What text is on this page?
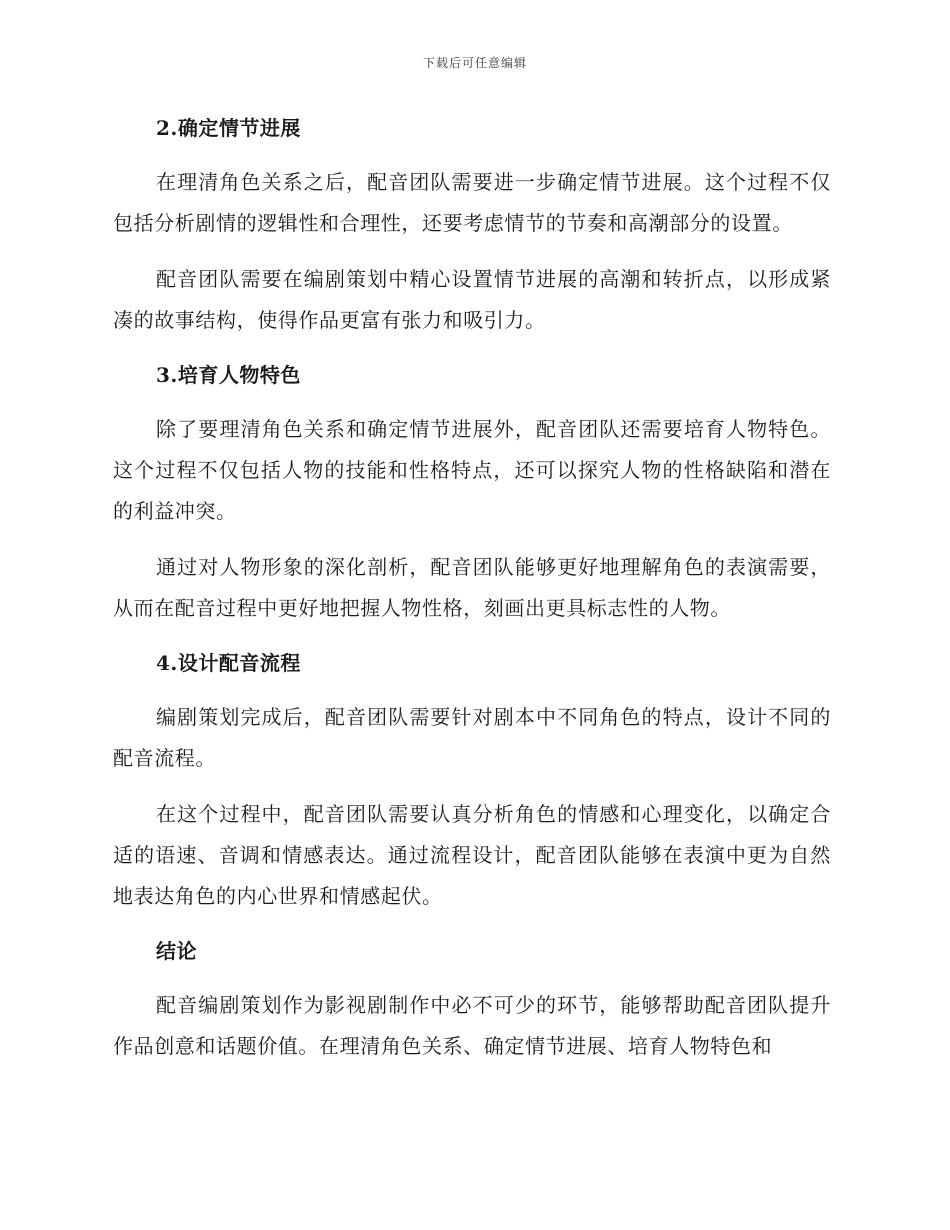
下载后可任意编辑
2.确定情节进展

在理清角色关系之后，配音团队需要进一步确定情节进展。这个过程不仅包括分析剧情的逻辑性和合理性，还要考虑情节的节奏和高潮部分的设置。

配音团队需要在编剧策划中精心设置情节进展的高潮和转折点，以形成紧凑的故事结构，使得作品更富有张力和吸引力。

3.培育人物特色

除了要理清角色关系和确定情节进展外，配音团队还需要培育人物特色。这个过程不仅包括人物的技能和性格特点，还可以探究人物的性格缺陷和潜在的利益冲突。

通过对人物形象的深化剖析，配音团队能够更好地理解角色的表演需要，从而在配音过程中更好地把握人物性格，刻画出更具标志性的人物。

4.设计配音流程

编剧策划完成后，配音团队需要针对剧本中不同角色的特点，设计不同的配音流程。

在这个过程中，配音团队需要认真分析角色的情感和心理变化，以确定合适的语速、音调和情感表达。通过流程设计，配音团队能够在表演中更为自然地表达角色的内心世界和情感起伏。

结论

配音编剧策划作为影视剧制作中必不可少的环节，能够帮助配音团队提升作品创意和话题价值。在理清角色关系、确定情节进展、培育人物特色和
